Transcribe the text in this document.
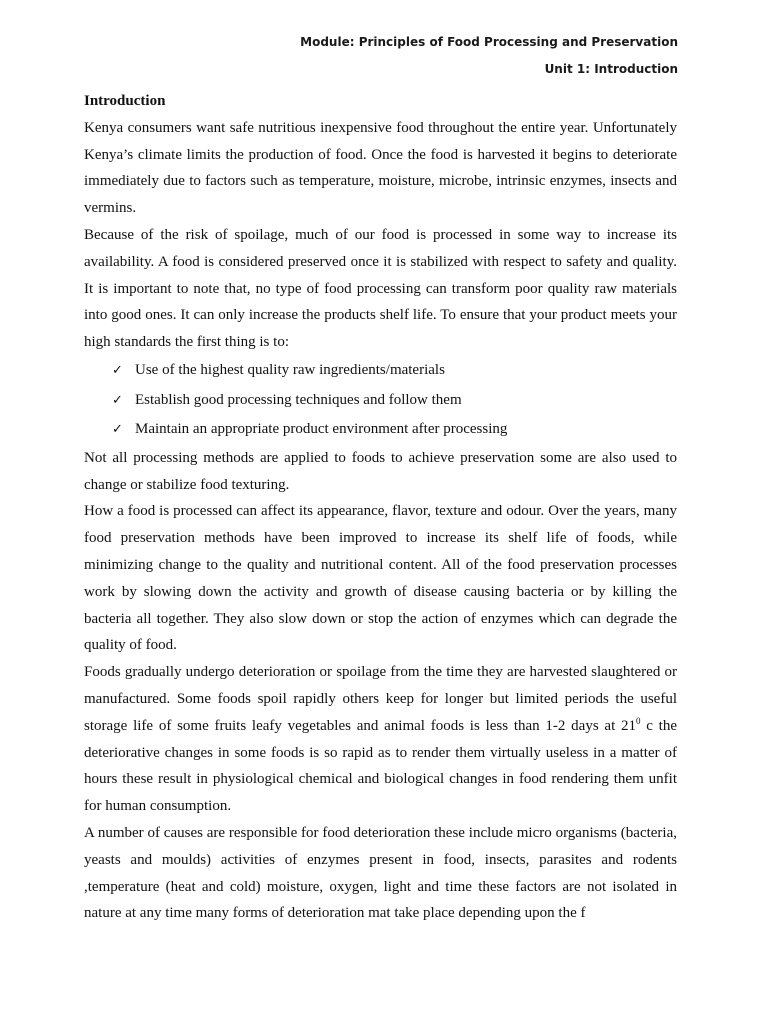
Module: Principles of Food Processing and Preservation
Unit 1: Introduction
Introduction

Kenya consumers want safe nutritious inexpensive food throughout the entire year. Unfortunately Kenya’s climate limits the production of food. Once the food is harvested it begins to deteriorate immediately due to factors such as temperature, moisture, microbe, intrinsic enzymes, insects and vermins.

Because of the risk of spoilage, much of our food is processed in some way to increase its availability. A food is considered preserved once it is stabilized with respect to safety and quality. It is important to note that, no type of food processing can transform poor quality raw materials into good ones. It can only increase the products shelf life. To ensure that your product meets your high standards the first thing is to:

✓ Use of the highest quality raw ingredients/materials
✓ Establish good processing techniques and follow them
✓ Maintain an appropriate product environment after processing

Not all processing methods are applied to foods to achieve preservation some are also used to change or stabilize food texturing.

How a food is processed can affect its appearance, flavor, texture and odour. Over the years, many food preservation methods have been improved to increase its shelf life of foods, while minimizing change to the quality and nutritional content. All of the food preservation processes work by slowing down the activity and growth of disease causing bacteria or by killing the bacteria all together. They also slow down or stop the action of enzymes which can degrade the quality of food.

Foods gradually undergo deterioration or spoilage from the time they are harvested slaughtered or manufactured. Some foods spoil rapidly others keep for longer but limited periods the useful storage life of some fruits leafy vegetables and animal foods is less than 1-2 days at $21^0$ c the deteriorative changes in some foods is so rapid as to render them virtually useless in a matter of hours these result in physiological chemical and biological changes in food rendering them unfit for human consumption.

A number of causes are responsible for food deterioration these include micro organisms (bacteria, yeasts and moulds) activities of enzymes present in food, insects, parasites and rodents ,temperature (heat and cold) moisture, oxygen, light and time these factors are not isolated in nature at any time many forms of deterioration mat take place depending upon the f
